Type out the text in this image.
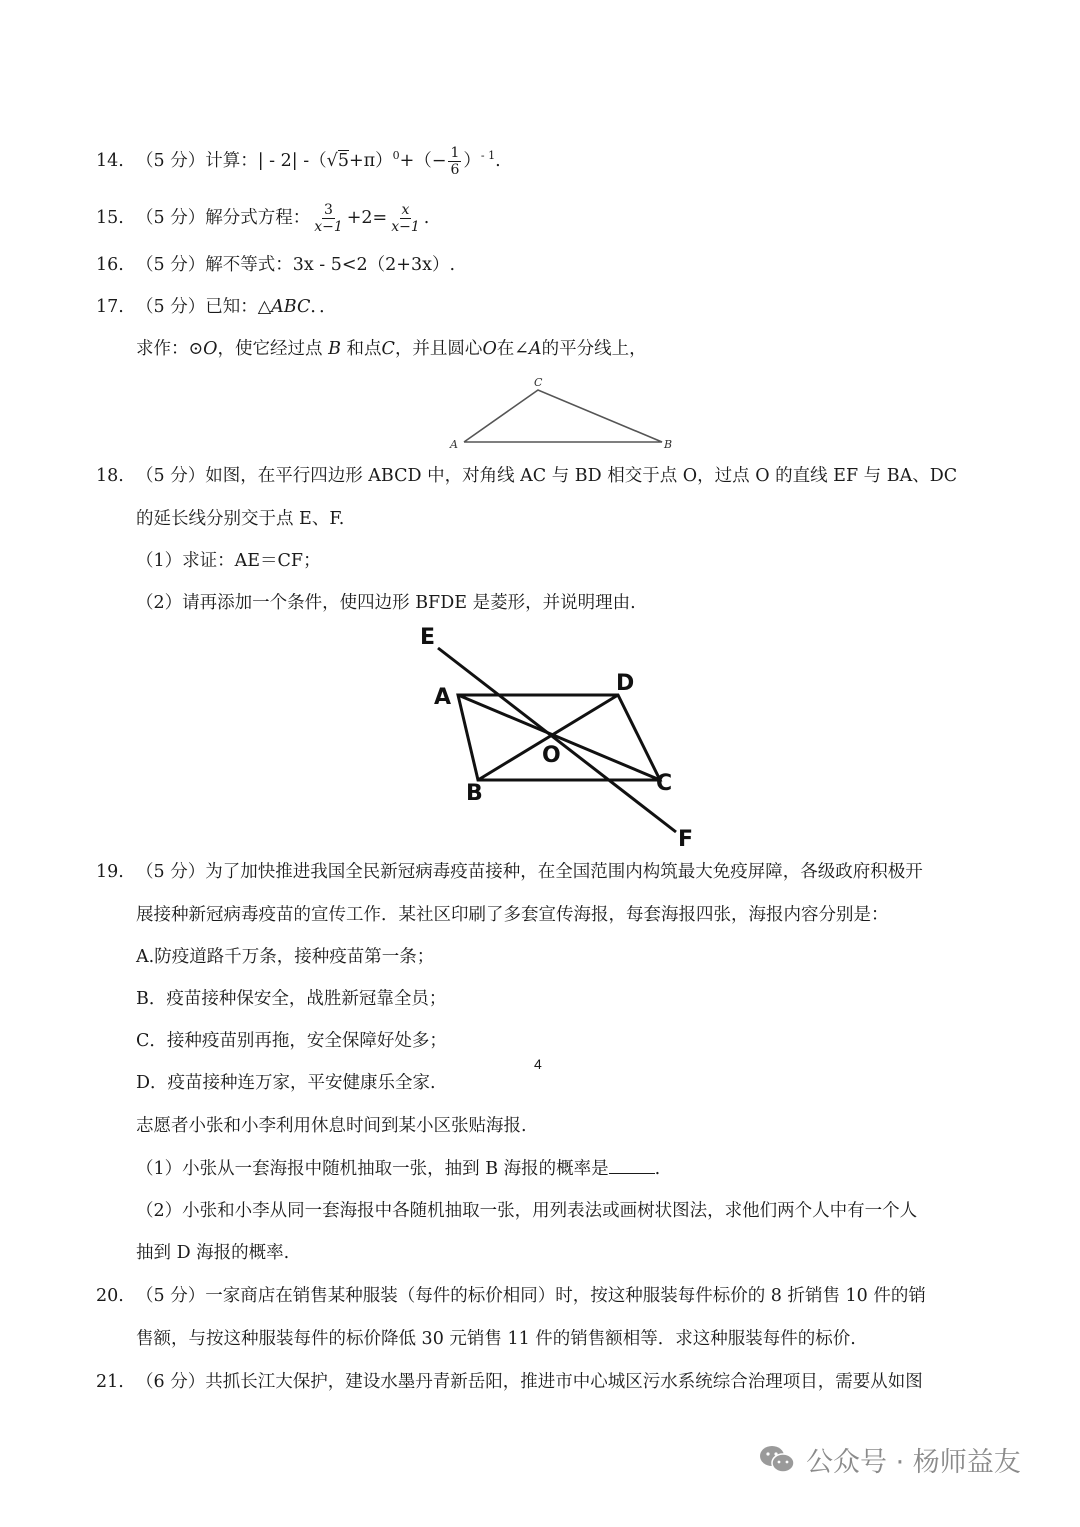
14. （5 分）计算：| - 2| $-(√5+\pi)^0+(- \frac{1}{6} )^{- 1}$.
15. （5 分）解分式方程： $\frac{3}{x-1} +2= \frac{x}{x-1}$ .
16. （5 分）解不等式：3x - 5<2（2+3x）.
17. （5 分）已知：△ABC．．
求作：⊙O，使它经过点 B 和点C，并且圆心O在∠A的平分线上，
A
C
B
18. （5 分）如图，在平行四边形 ABCD 中，对角线 AC 与 BD 相交于点 O，过点 O 的直线 EF 与 BA、DC
的延长线分别交于点 E、F.
（1）求证：AE＝CF；
（2）请再添加一个条件，使四边形 BFDE 是菱形，并说明理由.
E
A
D
O
B	C
F
19. （5 分）为了加快推进我国全民新冠病毒疫苗接种，在全国范围内构筑最大免疫屏障，各级政府积极开
展接种新冠病毒疫苗的宣传工作．某社区印刷了多套宣传海报，每套海报四张，海报内容分别是：
A.防疫道路千万条，接种疫苗第一条；
B．疫苗接种保安全，战胜新冠靠全员；
C．接种疫苗别再拖，安全保障好处多；
D．疫苗接种连万家，平安健康乐全家.
志愿者小张和小李利用休息时间到某小区张贴海报.
（1）小张从一套海报中随机抽取一张，抽到 B 海报的概率是	.
（2）小张和小李从同一套海报中各随机抽取一张，用列表法或画树状图法，求他们两个人中有一个人
抽到 D 海报的概率.
20. （5 分）一家商店在销售某种服装（每件的标价相同）时，按这种服装每件标价的 8 折销售 10 件的销
售额，与按这种服装每件的标价降低 30 元销售 11 件的销售额相等．求这种服装每件的标价.
21. （6 分）共抓长江大保护，建设水墨丹青新岳阳，推进市中心城区污水系统综合治理项目，需要从如图
4
公众号 · 杨师益友
